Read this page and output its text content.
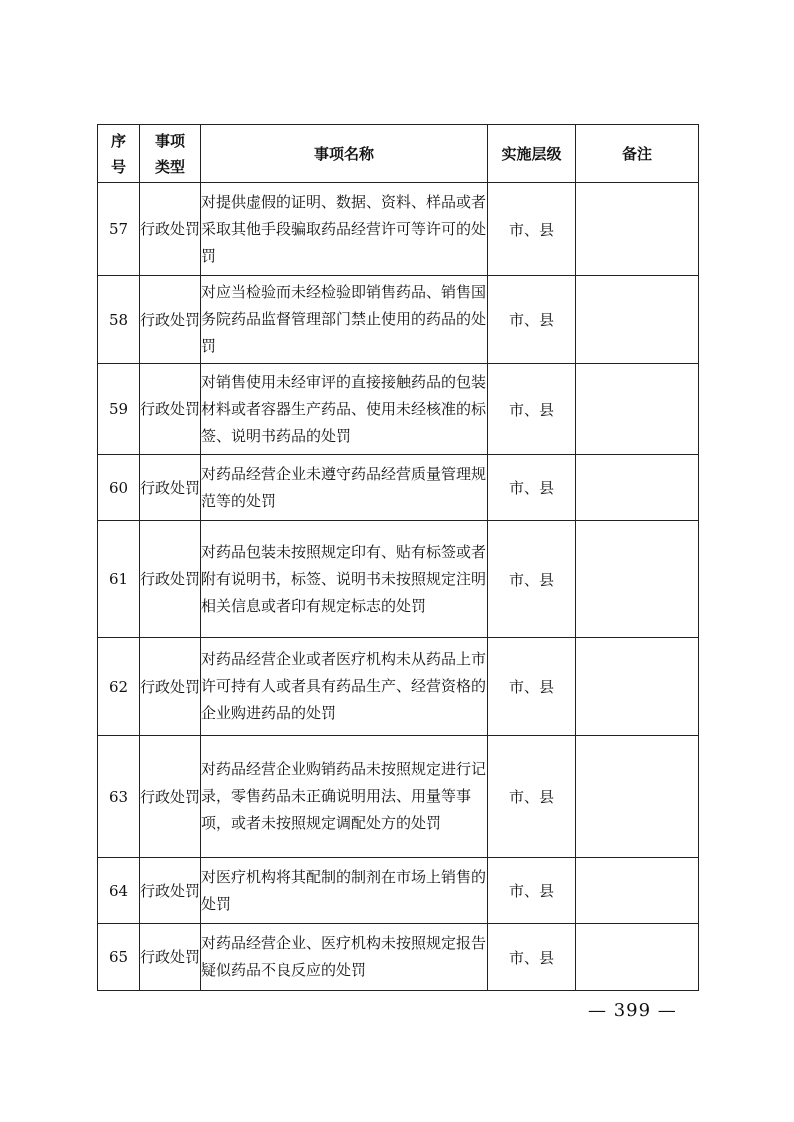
序号	事项类型	事项名称	实施层级	备注
57	行政处罚	对提供虚假的证明、数据、资料、样品或者采取其他手段骗取药品经营许可等许可的处罚	市、县	
58	行政处罚	对应当检验而未经检验即销售药品、销售国务院药品监督管理部门禁止使用的药品的处罚	市、县	
59	行政处罚	对销售使用未经审评的直接接触药品的包装材料或者容器生产药品、使用未经核准的标签、说明书药品的处罚	市、县	
60	行政处罚	对药品经营企业未遵守药品经营质量管理规范等的处罚	市、县	
61	行政处罚	对药品包装未按照规定印有、贴有标签或者附有说明书，标签、说明书未按照规定注明相关信息或者印有规定标志的处罚	市、县	
62	行政处罚	对药品经营企业或者医疗机构未从药品上市许可持有人或者具有药品生产、经营资格的企业购进药品的处罚	市、县	
63	行政处罚	对药品经营企业购销药品未按照规定进行记录，零售药品未正确说明用法、用量等事项，或者未按照规定调配处方的处罚	市、县	
64	行政处罚	对医疗机构将其配制的制剂在市场上销售的处罚	市、县	
65	行政处罚	对药品经营企业、医疗机构未按照规定报告疑似药品不良反应的处罚	市、县	
— 399 —
